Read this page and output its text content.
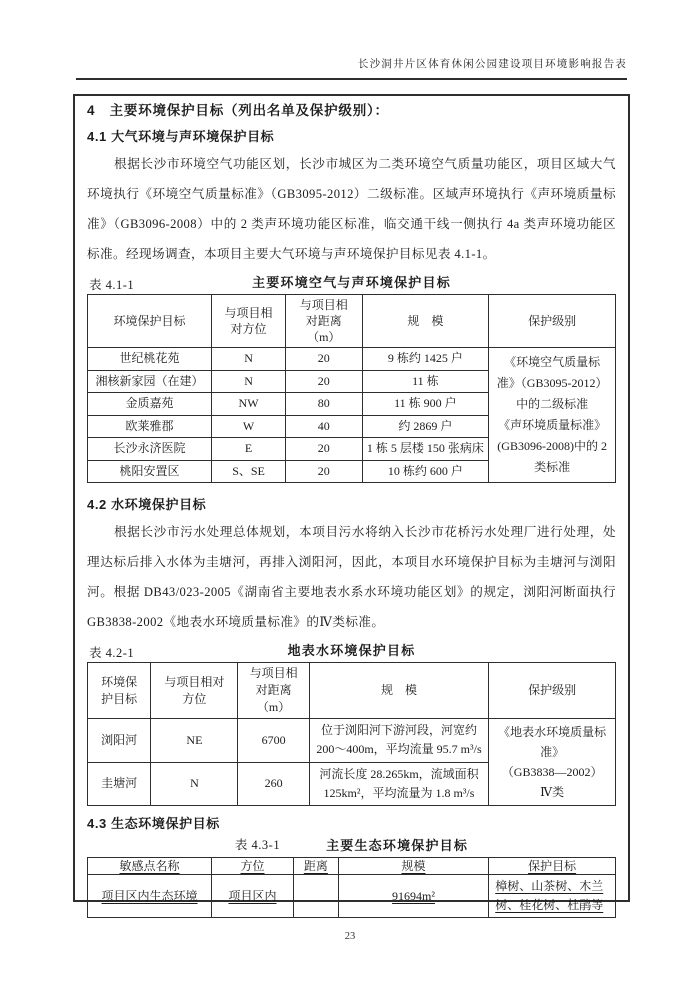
长沙洞井片区体育休闲公园建设项目环境影响报告表
4　主要环境保护目标（列出名单及保护级别）：
4.1 大气环境与声环境保护目标

根据长沙市环境空气功能区划，长沙市城区为二类环境空气质量功能区，项目区域大气环境执行《环境空气质量标准》（GB3095-2012）二级标准。区域声环境执行《声环境质量标准》（GB3096-2008）中的 2 类声环境功能区标准，临交通干线一侧执行 4a 类声环境功能区标准。经现场调查，本项目主要大气环境与声环境保护目标见表 4.1-1。

表 4.1-1	主要环境空气与声环境保护目标
环境保护目标	与项目相对方位	与项目相对距离（m）	规　模	保护级别
世纪桃花苑	N	20	9 栋约 1425 户	《环境空气质量标准》（GB3095-2012）中的二级标准
《声环境质量标准》(GB3096-2008)中的 2 类标准

湘核新家园（在建）	N	20	11 栋	
金质嘉苑	NW	80	11 栋 900 户	
欧莱雅郡	W	40	约 2869 户	
长沙永济医院	E	20	1 栋 5 层楼 150 张病床	
桃阳安置区	S、SE	20	10 栋约 600 户	
4.2 水环境保护目标

根据长沙市污水处理总体规划，本项目污水将纳入长沙市花桥污水处理厂进行处理，处理达标后排入水体为圭塘河，再排入浏阳河，因此，本项目水环境保护目标为圭塘河与浏阳河。根据 DB43/023-2005《湖南省主要地表水系水环境功能区划》的规定，浏阳河断面执行 GB3838-2002《地表水环境质量标准》的Ⅳ类标准。

表 4.2-1	地表水环境保护目标
环境保护目标	与项目相对方位	与项目相对距离（m）	规　模	保护级别
浏阳河	NE	6700	位于浏阳河下游河段，河宽约 200～400m，平均流量 95.7 m³/s	《地表水环境质量标准》
（GB3838—2002）
Ⅳ类

圭塘河	N	260	河流长度 28.265km，流域面积 125km²，平均流量为 1.8 m³/s	
4.3 生态环境保护目标
表 4.3-1	主要生态环境保护目标
敏感点名称	方位	距离	规模	保护目标
项目区内生态环境	项目区内		91694m²	樟树、山茶树、木兰树、桂花树、杜鹃等
23
